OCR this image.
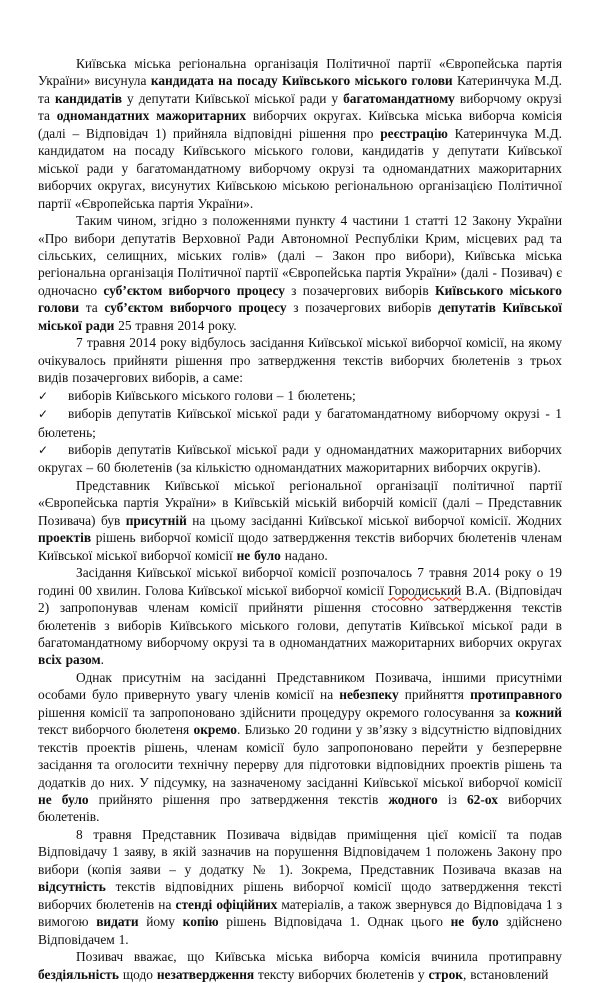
Київська міська регіональна організація Політичної партії «Європейська партія України» висунула кандидата на посаду Київського міського голови Катеринчука М.Д. та кандидатів у депутати Київської міської ради у багатомандатному виборчому окрузі та одномандатних мажоритарних виборчих округах. Київська міська виборча комісія (далі – Відповідач 1) прийняла відповідні рішення про реєстрацію Катеринчука М.Д. кандидатом на посаду Київського міського голови, кандидатів у депутати Київської міської ради у багатомандатному виборчому окрузі та одномандатних мажоритарних виборчих округах, висунутих Київською міською регіональною організацією Політичної партії «Європейська партія України».

Таким чином, згідно з положеннями пункту 4 частини 1 статті 12 Закону України «Про вибори депутатів Верховної Ради Автономної Республіки Крим, місцевих рад та сільських, селищних, міських голів» (далі – Закон про вибори), Київська міська регіональна організація Політичної партії «Європейська партія України» (далі - Позивач) є одночасно суб’єктом виборчого процесу з позачергових виборів Київського міського голови та суб’єктом виборчого процесу з позачергових виборів депутатів Київської міської ради 25 травня 2014 року.

7 травня 2014 року відбулось засідання Київської міської виборчої комісії, на якому очікувалось прийняти рішення про затвердження текстів виборчих бюлетенів з трьох видів позачергових виборів, а саме:

✓ виборів Київського міського голови – 1 бюлетень;

✓ виборів депутатів Київської міської ради у багатомандатному виборчому окрузі - 1 бюлетень;

✓ виборів депутатів Київської міської ради у одномандатних мажоритарних виборчих округах – 60 бюлетенів (за кількістю одномандатних мажоритарних виборчих округів).

Представник Київської міської регіональної організації політичної партії «Європейська партія України» в Київській міській виборчій комісії (далі – Представник Позивача) був присутній на цьому засіданні Київської міської виборчої комісії. Жодних проектів рішень виборчої комісії щодо затвердження текстів виборчих бюлетенів членам Київської міської виборчої комісії не було надано.

Засідання Київської міської виборчої комісії розпочалось 7 травня 2014 року о 19 годині 00 хвилин. Голова Київської міської виборчої комісії Городиський В.А. (Відповідач 2) запропонував членам комісії прийняти рішення стосовно затвердження текстів бюлетенів з виборів Київського міського голови, депутатів Київської міської ради в багатомандатному виборчому окрузі та в одномандатних мажоритарних виборчих округах всіх разом.

Однак присутнім на засіданні Представником Позивача, іншими присутніми особами було привернуто увагу членів комісії на небезпеку прийняття протиправного рішення комісії та запропоновано здійснити процедуру окремого голосування за кожний текст виборчого бюлетеня окремо. Близько 20 години у зв’язку з відсутністю відповідних текстів проектів рішень, членам комісії було запропоновано перейти у безперервне засідання та оголосити технічну перерву для підготовки відповідних проектів рішень та додатків до них. У підсумку, на зазначеному засіданні Київської міської виборчої комісії не було прийнято рішення про затвердження текстів жодного із 62-ох виборчих бюлетенів.

8 травня Представник Позивача відвідав приміщення цієї комісії та подав Відповідачу 1 заяву, в якій зазначив на порушення Відповідачем 1 положень Закону про вибори (копія заяви – у додатку № 1). Зокрема, Представник Позивача вказав на відсутність текстів відповідних рішень виборчої комісії щодо затвердження тексті виборчих бюлетенів на стенді офіційних матеріалів, а також звернувся до Відповідача 1 з вимогою видати йому копію рішень Відповідача 1. Однак цього не було здійснено Відповідачем 1.

Позивач вважає, що Київська міська виборча комісія вчинила протиправну бездіяльність щодо незатвердження тексту виборчих бюлетенів у строк, встановлений
